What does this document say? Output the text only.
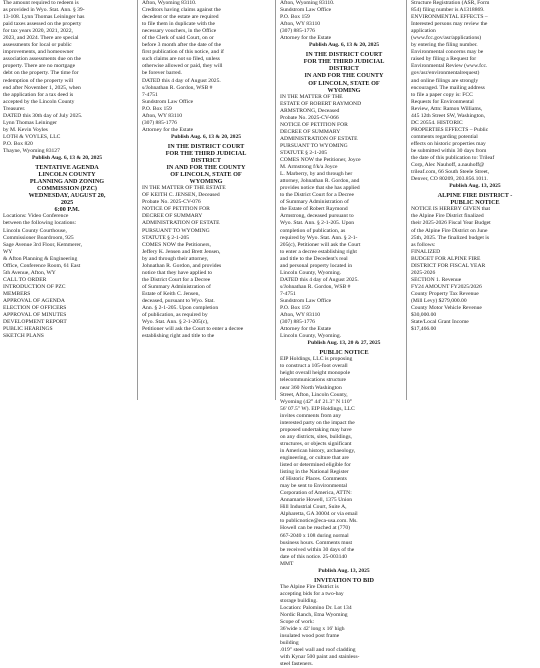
The amount required to redeem is
as provided in Wyo. Stat. Ann. § 39-
13-108. Lynn Thomas Leininger has
paid taxes assessed on the property
for tax years 2020, 2021, 2022,
2023, and 2024. There are special
assessments for local or public
improvements, and homeowner
association assessments due on the
property. There are no mortgage
debt on the property. The time for
redemption of the property will
end after November 1, 2025, when
the application for a tax deed is
accepted by the Lincoln County
Treasurer.
DATED this 30th day of July 2025.
Lynn Thomas Leininger
by M. Kevin Voyles
LOTH & VOYLES, LLC
P.O. Box 820
Thayne, Wyoming 83127
Publish Aug. 6, 13 & 20, 2025
TENTATIVE AGENDA
LINCOLN COUNTY
PLANNING AND ZONING
COMMISSION (PZC)
WEDNESDAY, AUGUST 20,
2025
6:00 P.M.
Locations: Video Conference
between the following locations:
Lincoln County Courthouse,
Commissioner Boardroom, 925
Sage Avenue 3rd Floor, Kemmerer,
WY
& Afton Planning & Engineering
Office, Conference Room, 61 East
5th Avenue, Afton, WY
CALL TO ORDER
INTRODUCTION OF PZC
MEMBERS
APPROVAL OF AGENDA
ELECTION OF OFFICERS
APPROVAL OF MINUTES
DEVELOPMENT REPORT
PUBLIC HEARINGS
SKETCH PLANS
Afton, Wyoming 83110.
Creditors having claims against the
decedent or the estate are required
to file them in duplicate with the
necessary vouchers, in the Office
of the Clerk of said Court, on or
before 3 month after the date of the
first publication of this notice, and if
such claims are not so filed, unless
otherwise allowed or paid, they will
be forever barred.
DATED this 4 day of August 2025.
s/Johnathan R. Gordon, WSB #
7-4751
Sundstrom Law Office
P.O. Box 159
Afton, WY 83110
(307) 885-1776
Attorney for the Estate
Publish Aug. 6, 13 & 20, 2025
IN THE DISTRICT COURT
FOR THE THIRD JUDICIAL
DISTRICT
IN AND FOR THE COUNTY
OF LINCOLN, STATE OF
WYOMING
IN THE MATTER OF THE ESTATE
OF KEITH C. JENSEN, Deceased
Probate No. 2025-CV-076
NOTICE OF PETITION FOR
DECREE OF SUMMARY
ADMINISTRATION OF ESTATE
PURSUANT TO WYOMING
STATUTE § 2-1-205
COMES NOW the Petitioners,
Jeffery K. Jensen and Brett Jensen,
by and through their attorney,
Johnathan R. Gordon, and provides
notice that they have applied to
the District Court for a Decree
of Summary Administration of
Estate of Keith C. Jensen,
deceased, pursuant to Wyo. Stat.
Ann. § 2-1-205. Upon completion
of publication, as required by
Wyo. Stat. Ann. § 2-1-205(c),
Petitioner will ask the Court to enter a decree
establishing right and title to the
Afton, Wyoming 83110.
Sundstrom Law Office
P.O. Box 159
Afton, WY 83110
(307) 885-1776
Attorney for the Estate
Publish Aug. 6, 13 & 20, 2025
IN THE DISTRICT COURT
FOR THE THIRD JUDICIAL
DISTRICT
IN AND FOR THE COUNTY
OF LINCOLN, STATE OF
WYOMING
IN THE MATTER OF THE
ESTATE OF ROBERT RAYMOND
ARMSTRONG, Deceased
Probate No. 2025-CV-066
NOTICE OF PETITION FOR
DECREE OF SUMMARY
ADMINISTRATION OF ESTATE
PURSUANT TO WYOMING
STATUTE § 2-1-205
COMES NOW the Petitioner, Joyce
M. Armstrong f/k/a Joyce
L. Marberry, by and through her
attorney, Johnathan R. Gordon, and
provides notice that she has applied
to the District Court for a Decree
of Summary Administration of
the Estate of Robert Raymond
Armstrong, deceased pursuant to
Wyo. Stat. Ann. § 2-1-205. Upon
completion of publication, as
required by Wyo. Stat. Ann. § 2-1-
205(c), Petitioner will ask the Court
to enter a decree establishing right
and title to the Decedent's real
and personal property located in
Lincoln County, Wyoming.
DATED this 4 day of August 2025.
s/Johnathan R. Gordon, WSB #
7-4751
Sundstrom Law Office
P.O. Box 159
Afton, WY 83110
(307) 885-1776
Attorney for the Estate
Lincoln County, Wyoming.
Publish Aug. 13, 20 & 27, 2025
PUBLIC NOTICE
EIP Holdings, LLC is proposing
to construct a 105-foot overall
height overall height monopole
telecommunications structure
near 360 North Washington
Street, Afton, Lincoln County,
Wyoming (42° 44' 21.3" N 110°
56' 07.5" W). EIP Holdings, LLC
invites comments from any
interested party on the impact the
proposed undertaking may have
on any districts, sites, buildings,
structures, or objects significant
in American history, archaeology,
engineering, or culture that are
listed or determined eligible for
listing in the National Register
of Historic Places. Comments
may be sent to Environmental
Corporation of America, ATTN:
Annamarie Howell, 1375 Union
Hill Industrial Court, Suite A,
Alpharetta, GA 30004 or via email
to publicnotice@eca-usa.com. Ms.
Howell can be reached at (770)
667-2040 x 108 during normal
business hours. Comments must
be received within 30 days of the
date of this notice. 25-003140
MMT
Publish Aug. 13, 2025
INVITATION TO BID
The Alpine Fire District is
accepting bids for a two-bay
storage building.
Location: Palomino Dr. Lot 134
Nordic Ranch, Etna Wyoming
Scope of work:
36'wide x 42' long x 16' high
insulated wood post frame
building
.019" steel wall and roof cladding
with Kynar 500 paint and stainless-
steel fasteners.
Structure Registration (ASR, Form
854) filing number is A1318869.
ENVIRONMENTAL EFFECTS –
Interested persons may review the
application
(www.fcc.gov/asr/applications)
by entering the filing number.
Environmental concerns may be
raised by filing a Request for
Environmental Review (www.fcc.
gov/asr/environmentalrequest)
and online filings are strongly
encouraged. The mailing address
to file a paper copy is: FCC
Requests for Environmental
Review, Attn: Ramon Williams,
445 12th Street SW, Washington,
DC 20554. HISTORIC
PROPERTIES EFFECTS – Public
comments regarding potential
effects on historic properties may
be submitted within 30 days from
the date of this publication to: Trileaf
Corp, Alec Nauhoff, a.nauhoff@
trileaf.com, 66 South Steele Street,
Denver, CO 80209, 203.856.1011.
Publish Aug. 13, 2025
ALPINE FIRE DISTRICT -
PUBLIC NOTICE
NOTICE IS HEREBY GIVEN that
the Alpine Fire District finalized
their 2025-2026 Fiscal Year Budget
of the Alpine Fire District on June
25th, 2025. The finalized budget is
as follows:
FINALIZED
BUDGET FOR ALPINE FIRE
DISTRICT FOR FISCAL YEAR
2025-2026
SECTION 1. Revenue
FY24 AMOUNT FY2025/2026
County Property Tax Revenue
(Mill Levy) $279,000.00
County Motor Vehicle Revenue
$30,000.00
State/Local Grant Income
$17,466.00
